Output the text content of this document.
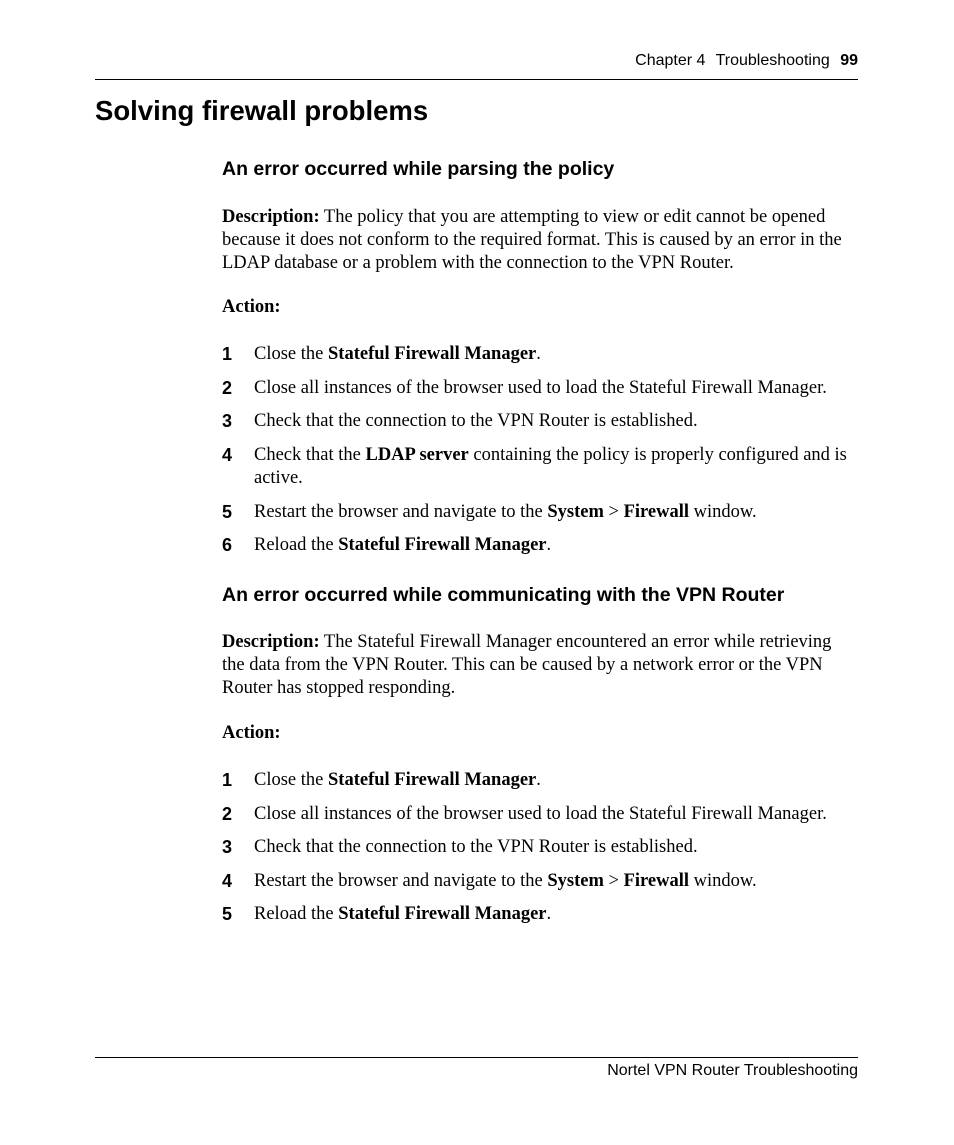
Chapter 4 Troubleshooting 99
Solving firewall problems
An error occurred while parsing the policy

Description: The policy that you are attempting to view or edit cannot be opened because it does not conform to the required format. This is caused by an error in the LDAP database or a problem with the connection to the VPN Router.

Action:

1 Close the Stateful Firewall Manager.
2 Close all instances of the browser used to load the Stateful Firewall Manager.
3 Check that the connection to the VPN Router is established.
4 Check that the LDAP server containing the policy is properly configured and is active.
5 Restart the browser and navigate to the System > Firewall window.
6 Reload the Stateful Firewall Manager.
An error occurred while communicating with the VPN Router

Description: The Stateful Firewall Manager encountered an error while retrieving the data from the VPN Router. This can be caused by a network error or the VPN Router has stopped responding.

Action:

1 Close the Stateful Firewall Manager.
2 Close all instances of the browser used to load the Stateful Firewall Manager.
3 Check that the connection to the VPN Router is established.
4 Restart the browser and navigate to the System > Firewall window.
5 Reload the Stateful Firewall Manager.
Nortel VPN Router Troubleshooting
